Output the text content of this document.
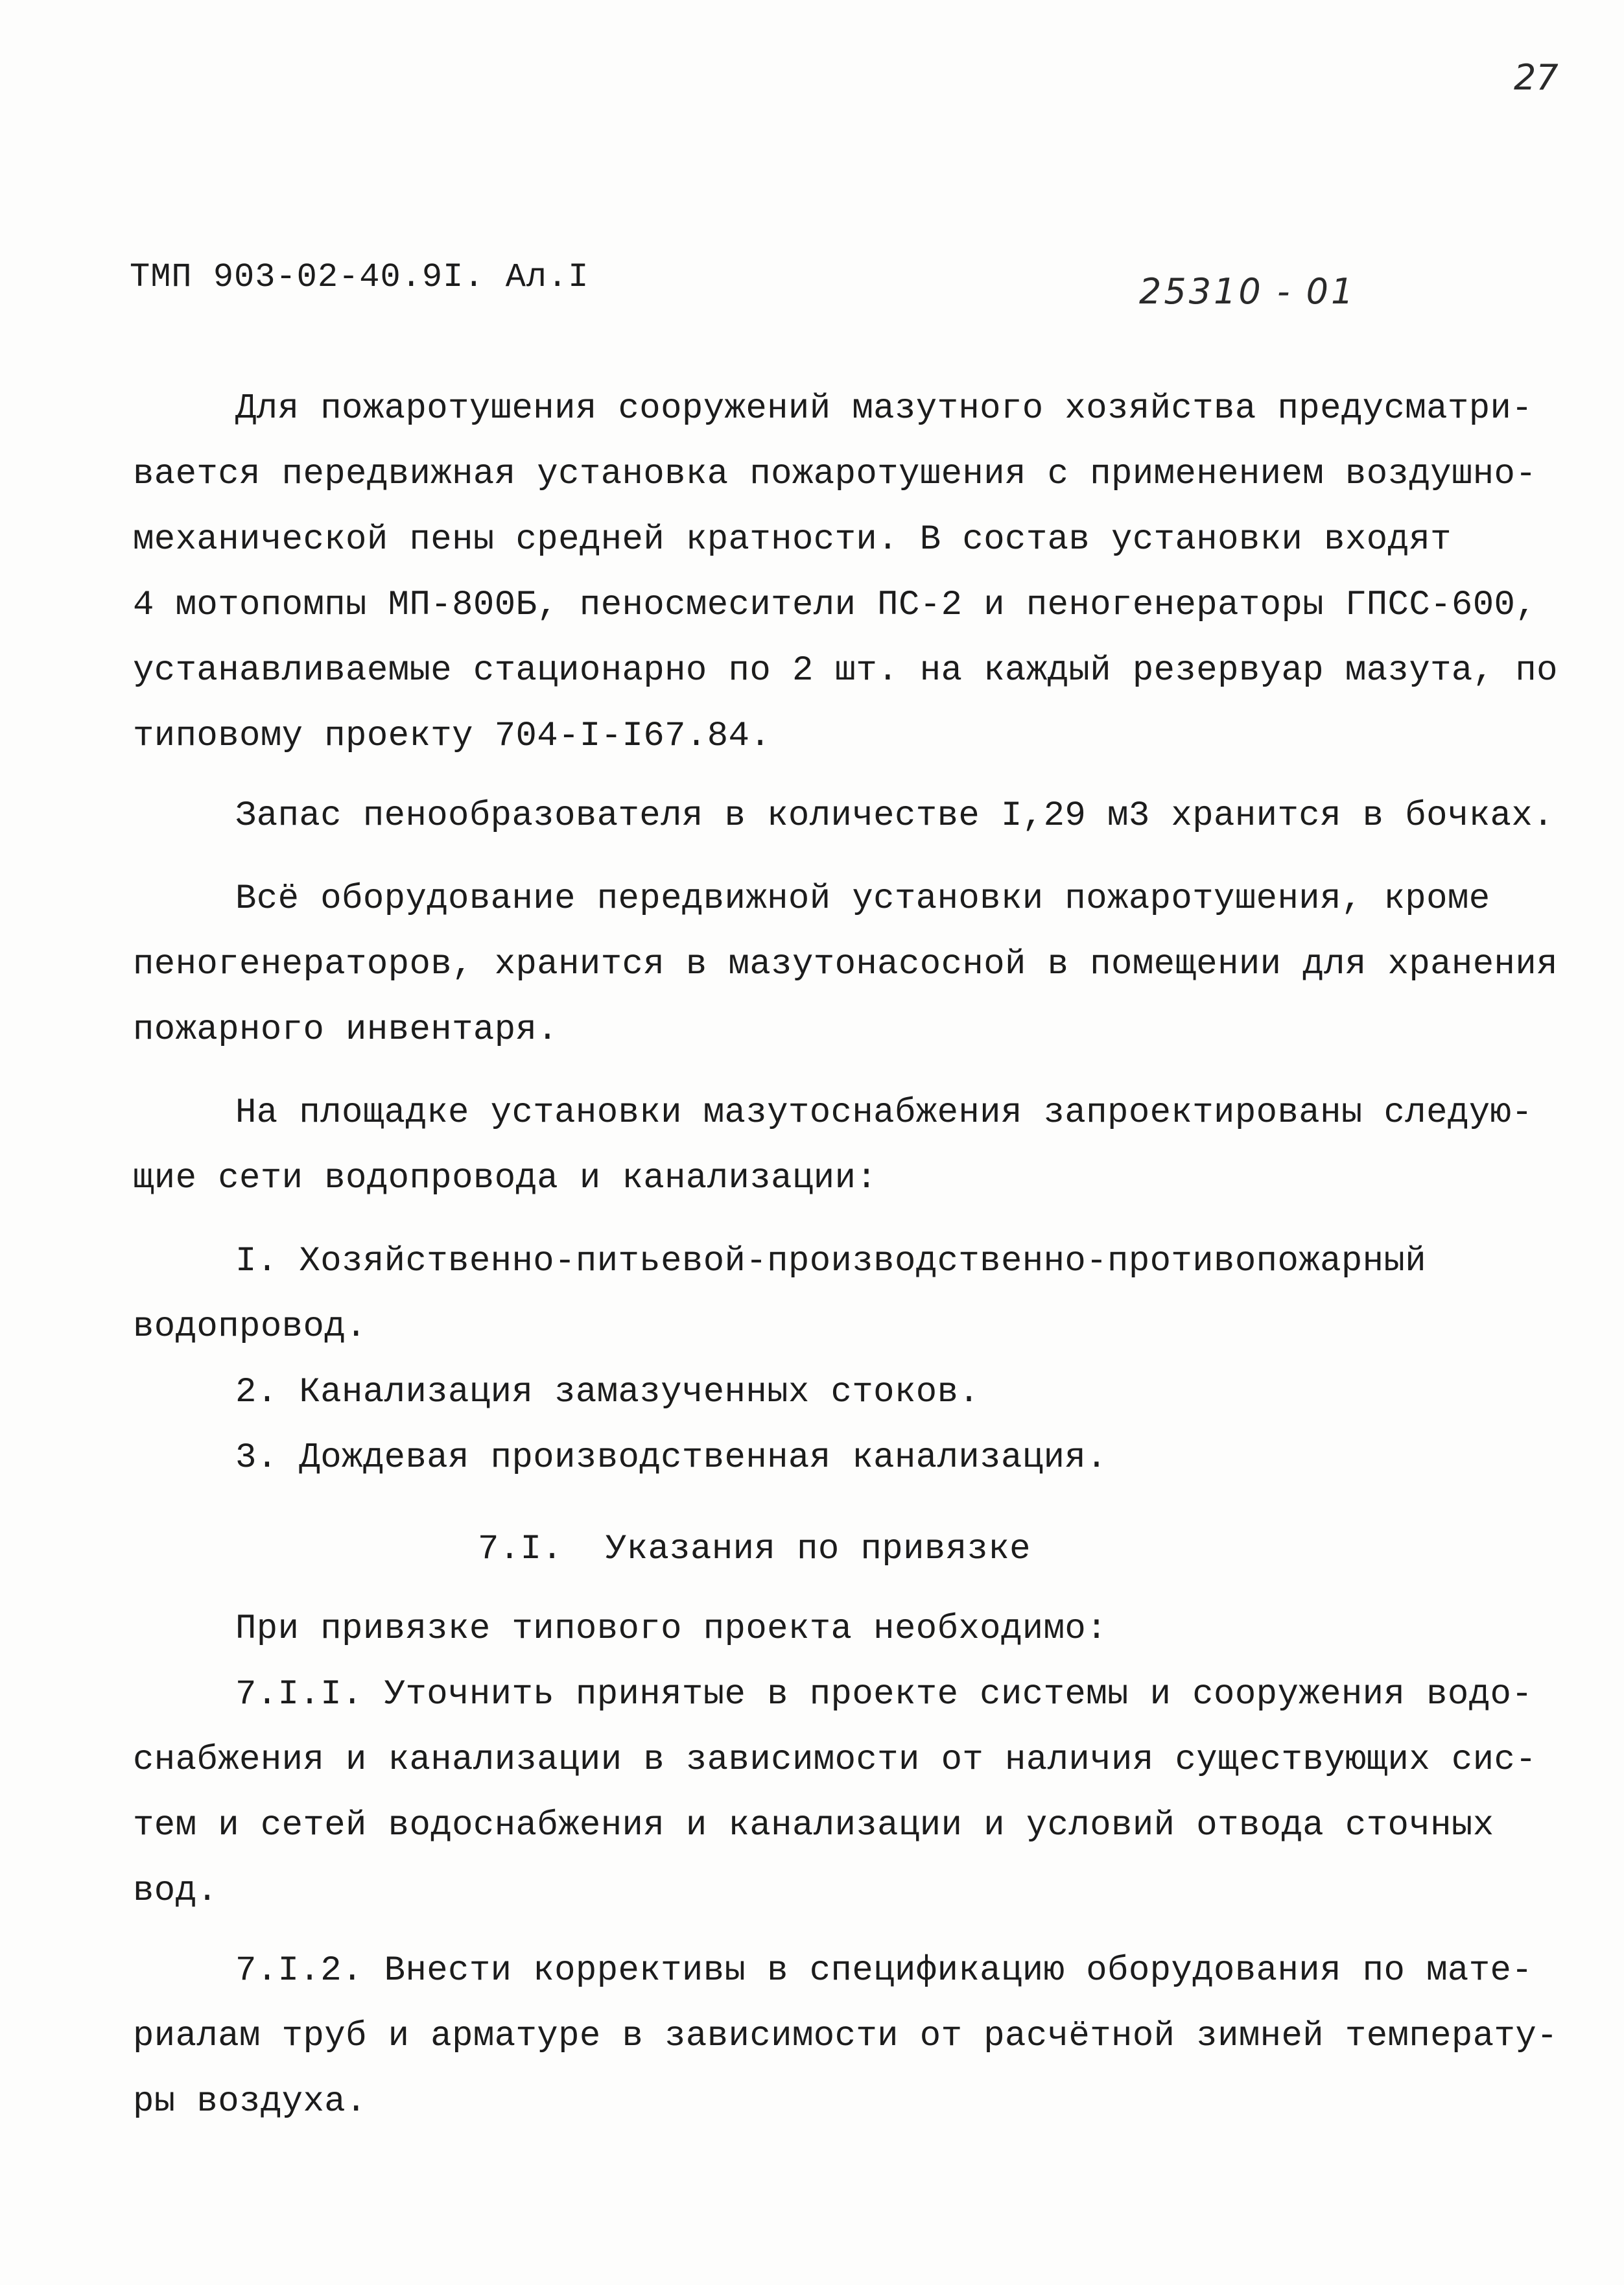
27
ТМП 903-02-40.9I. Ал.I	25310 - 01
Для пожаротушения сооружений мазутного хозяйства предусматри-
вается передвижная установка пожаротушения с применением воздушно-
механической пены средней кратности. В состав установки входят
4 мотопомпы МП-800Б, пеносмесители ПС-2 и пеногенераторы ГПСС-600,
устанавливаемые стационарно по 2 шт. на каждый резервуар мазута, по
типовому проекту 704-I-I67.84.
Запас пенообразователя в количестве I,29 м3 хранится в бочках.
Всё оборудование передвижной установки пожаротушения, кроме
пеногенераторов, хранится в мазутонасосной в помещении для хранения
пожарного инвентаря.
На площадке установки мазутоснабжения запроектированы следую-
щие сети водопровода и канализации:
I. Хозяйственно-питьевой-производственно-противопожарный
водопровод.
2. Канализация замазученных стоков.
3. Дождевая производственная канализация.
7.I.  Указания по привязке
При привязке типового проекта необходимо:
7.I.I. Уточнить принятые в проекте системы и сооружения водо-
снабжения и канализации в зависимости от наличия существующих сис-
тем и сетей водоснабжения и канализации и условий отвода сточных
вод.
7.I.2. Внести коррективы в спецификацию оборудования по мате-
риалам труб и арматуре в зависимости от расчётной зимней температу-
ры воздуха.
